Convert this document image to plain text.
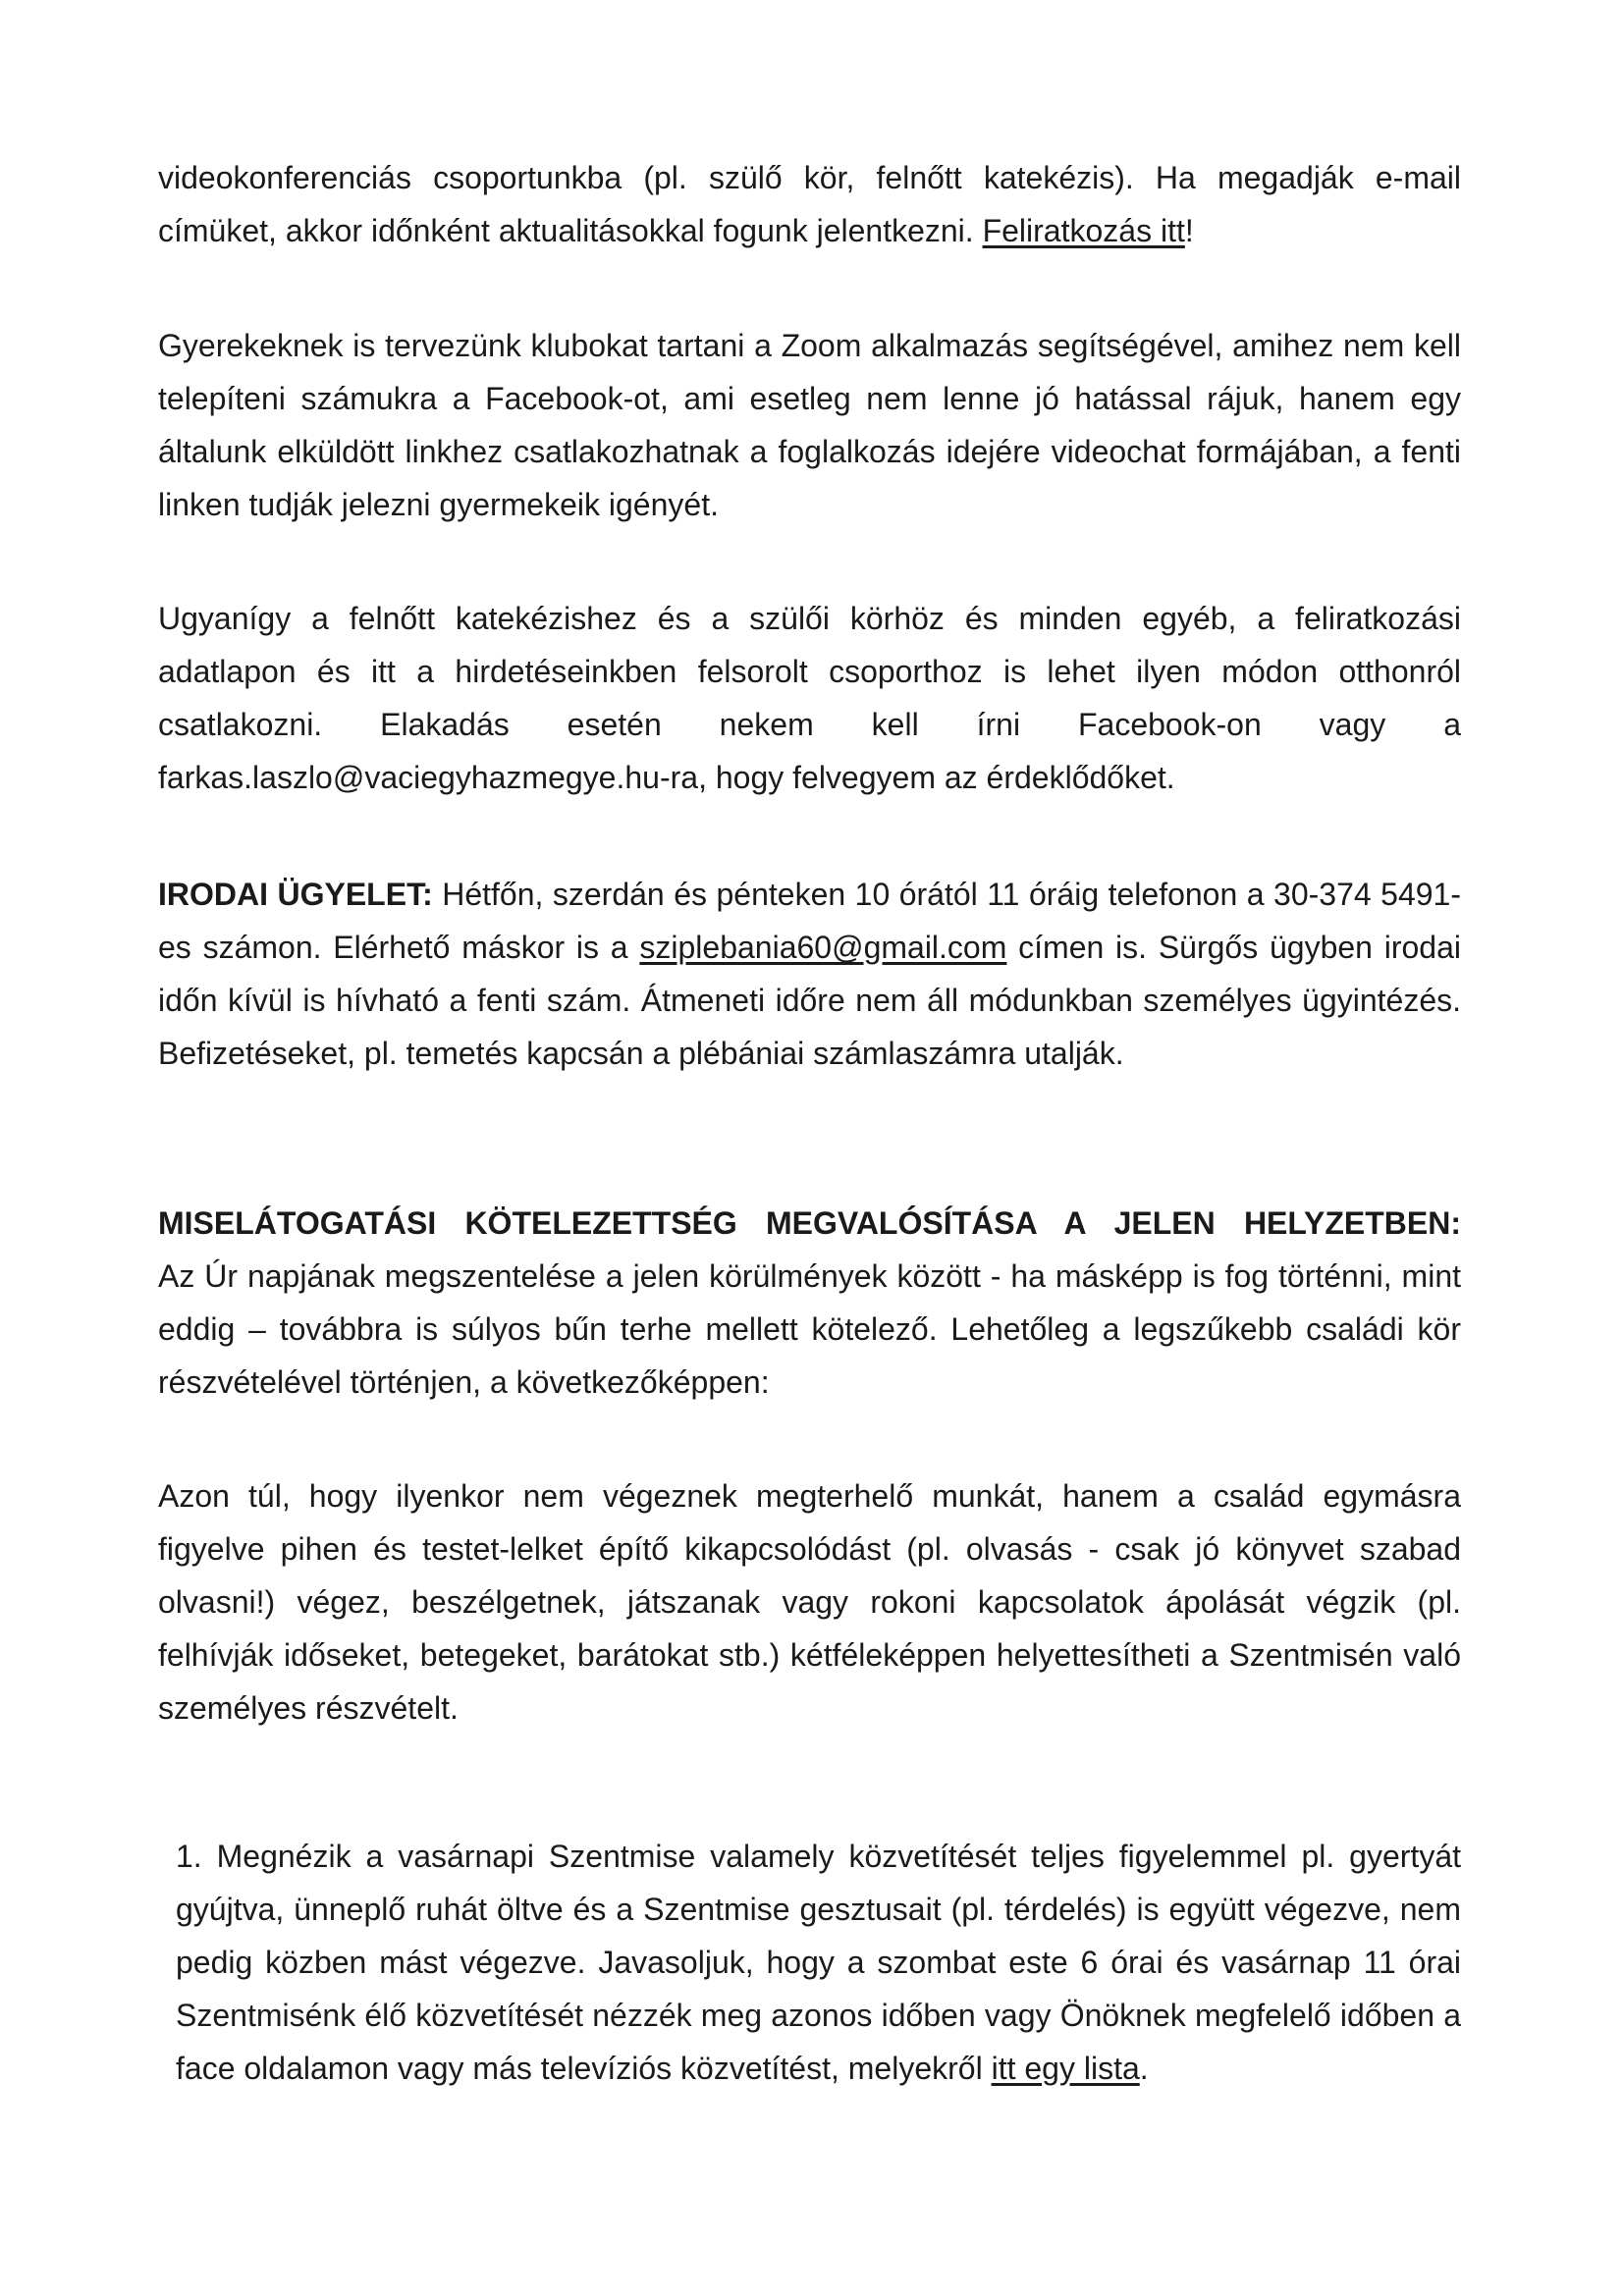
videokonferenciás csoportunkba (pl. szülő kör, felnőtt katekézis). Ha megadják e-mail címüket, akkor időnként aktualitásokkal fogunk jelentkezni. Feliratkozás itt!

Gyerekeknek is tervezünk klubokat tartani a Zoom alkalmazás segítségével, amihez nem kell telepíteni számukra a Facebook-ot, ami esetleg nem lenne jó hatással rájuk, hanem egy általunk elküldött linkhez csatlakozhatnak a foglalkozás idejére videochat formájában, a fenti linken tudják jelezni gyermekeik igényét.

Ugyanígy a felnőtt katekézishez és a szülői körhöz és minden egyéb, a feliratkozási adatlapon és itt a hirdetéseinkben felsorolt csoporthoz is lehet ilyen módon otthonról csatlakozni. Elakadás esetén nekem kell írni Facebook-on vagy a farkas.laszlo@vaciegyhazmegye.hu-ra, hogy felvegyem az érdeklődőket.

IRODAI ÜGYELET: Hétfőn, szerdán és pénteken 10 órától 11 óráig telefonon a 30-374 5491-es számon. Elérhető máskor is a sziplebania60@gmail.com címen is. Sürgős ügyben irodai időn kívül is hívható a fenti szám. Átmeneti időre nem áll módunkban személyes ügyintézés. Befizetéseket, pl. temetés kapcsán a plébániai számlaszámra utalják.

MISELÁTOGATÁSI KÖTELEZETTSÉG MEGVALÓSÍTÁSA A JELEN HELYZETBEN:

Az Úr napjának megszentelése a jelen körülmények között - ha másképp is fog történni, mint eddig – továbbra is súlyos bűn terhe mellett kötelező. Lehetőleg a legszűkebb családi kör részvételével történjen, a következőképpen:

Azon túl, hogy ilyenkor nem végeznek megterhelő munkát, hanem a család egymásra figyelve pihen és testet-lelket építő kikapcsolódást (pl. olvasás - csak jó könyvet szabad olvasni!) végez, beszélgetnek, játszanak vagy rokoni kapcsolatok ápolását végzik (pl. felhívják időseket, betegeket, barátokat stb.) kétféleképpen helyettesítheti a Szentmisén való személyes részvételt.

1. Megnézik a vasárnapi Szentmise valamely közvetítését teljes figyelemmel pl. gyertyát gyújtva, ünneplő ruhát öltve és a Szentmise gesztusait (pl. térdelés) is együtt végezve, nem pedig közben mást végezve. Javasoljuk, hogy a szombat este 6 órai és vasárnap 11 órai Szentmisénk élő közvetítését nézzék meg azonos időben vagy Önöknek megfelelő időben a face oldalamon vagy más televíziós közvetítést, melyekről itt egy lista.
